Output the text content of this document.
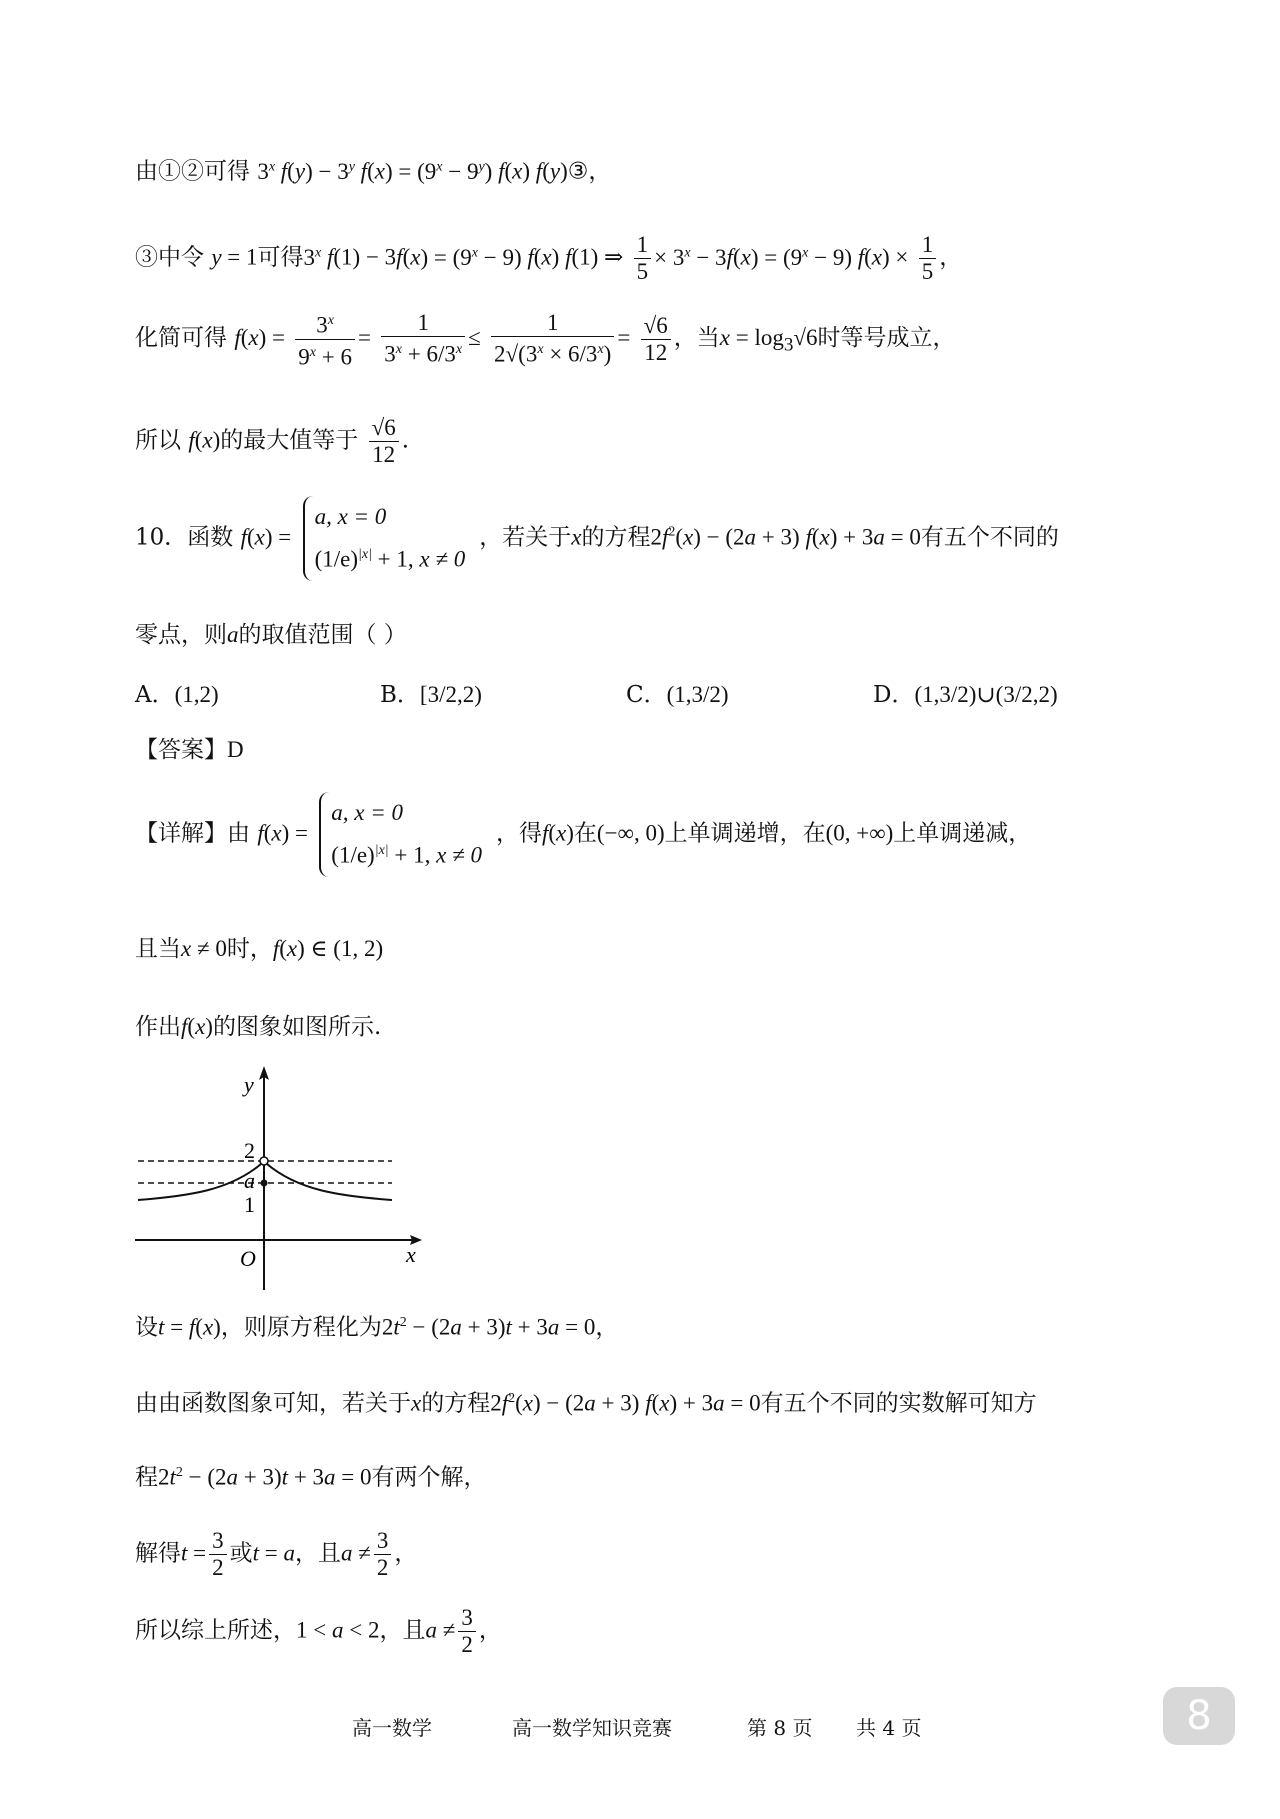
由①②可得 3$^x$ $f(y) - 3^y$ $f(x) = (9^x - 9^y)$ f(x) f(y)③，
③中令 y = 1可得3$^x$ $f(1) - 3f(x) = (9^x - 9)$ f(x) f(1) ⇒ $\frac{1}{5} \times 3^x - 3f(x) = (9^x - 9) f(x) \times \frac{1}{5}$ ，
化简可得 $f(x) = \frac{3^x}{9^x + 6} = \frac{1}{3^x + 6/3^x} \le \frac{1}{2√(3^x \times 6/3^x)} = \frac{√6}{12}$ ，当$x = \log_3√6$时等号成立，
所以 f(x)的最大值等于 $\frac{√6}{12}$ .
10．函数 f(x) =
a, x = 0
$(1/e)^{|x|} + 1$, x ≠ 0
，若关于x的方程$2f^2(x) - (2a + 3) f(x) + 3a = 0$有五个不同的
零点，则a的取值范围（ ）
A．(1,2)	B．[3/2,2)	C．(1,3/2)	D．(1,3/2)∪(3/2,2)
【答案】D
【详解】由 f(x) =
a, x = 0
$(1/e)^{|x|} + 1$, x ≠ 0
，得f(x)在(−∞, 0)上单调递增，在(0, +∞)上单调递减，
且当x ≠ 0时，f(x) ∈ (1, 2)
作出f(x)的图象如图所示.
y
x
O
2
a
1
设t = f(x)，则原方程化为$2t^2 - (2a + 3)t + 3a = 0$，
由由函数图象可知，若关于x的方程$2f^2(x) - (2a + 3) f(x) + 3a = 0$有五个不同的实数解可知方
程$2t^2 - (2a + 3)t + 3a = 0$有两个解，
解得$t = \frac{3}{2}$ 或t = a，且$a \ne \frac{3}{2}$ ，
所以综上所述，1 < a < 2，且$a \ne \frac{3}{2}$ ，
高一数学	高一数学知识竞赛	第 8 页 共 4 页	8
